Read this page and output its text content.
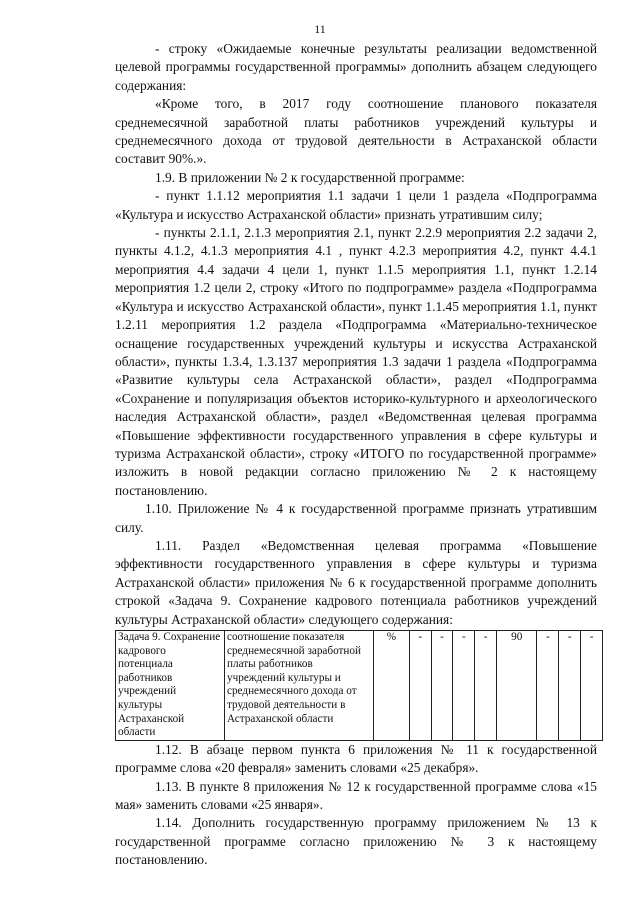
11

- строку «Ожидаемые конечные результаты реализации ведомственной целевой программы государственной программы» дополнить абзацем следующего содержания:

«Кроме того, в 2017 году соотношение планового показателя среднемесячной заработной платы работников учреждений культуры и среднемесячного дохода от трудовой деятельности в Астраханской области составит 90%.».

1.9. В приложении № 2 к государственной программе:

- пункт 1.1.12 мероприятия 1.1 задачи 1 цели 1 раздела «Подпрограмма «Культура и искусство Астраханской области» признать утратившим силу;

- пункты 2.1.1, 2.1.3 мероприятия 2.1, пункт 2.2.9 мероприятия 2.2 задачи 2, пункты 4.1.2, 4.1.3 мероприятия 4.1 , пункт 4.2.3 мероприятия 4.2, пункт 4.4.1 мероприятия 4.4 задачи 4 цели 1, пункт 1.1.5 мероприятия 1.1, пункт 1.2.14 мероприятия 1.2 цели 2, строку «Итого по подпрограмме» раздела «Подпрограмма «Культура и искусство Астраханской области», пункт 1.1.45 мероприятия 1.1, пункт 1.2.11 мероприятия 1.2 раздела «Подпрограмма «Материально-техническое оснащение государственных учреждений культуры и искусства Астраханской области», пункты 1.3.4, 1.3.137 мероприятия 1.3 задачи 1 раздела «Подпрограмма «Развитие культуры села Астраханской области», раздел «Подпрограмма «Сохранение и популяризация объектов историко-культурного и археологического наследия Астраханской области», раздел «Ведомственная целевая программа «Повышение эффективности государственного управления в сфере культуры и туризма Астраханской области», строку «ИТОГО по государственной программе» изложить в новой редакции согласно приложению № 2 к настоящему постановлению.

1.10. Приложение № 4 к государственной программе признать утратившим силу.

1.11. Раздел «Ведомственная целевая программа «Повышение эффективности государственного управления в сфере культуры и туризма Астраханской области» приложения № 6 к государственной программе дополнить строкой «Задача 9. Сохранение кадрового потенциала работников учреждений культуры Астраханской области» следующего содержания:

Задача 9. Сохранение кадрового потенциала работников учреждений культуры Астраханской области	соотношение показателя среднемесячной заработной платы работников учреждений культуры и среднемесячного дохода от трудовой деятельности в Астраханской области	%	-	-	-	-	90	-	-	-

1.12. В абзаце первом пункта 6 приложения № 11 к государственной программе слова «20 февраля» заменить словами «25 декабря».

1.13. В пункте 8 приложения № 12 к государственной программе слова «15 мая» заменить словами «25 января».

1.14. Дополнить государственную программу приложением № 13 к государственной программе согласно приложению № 3 к настоящему постановлению.
